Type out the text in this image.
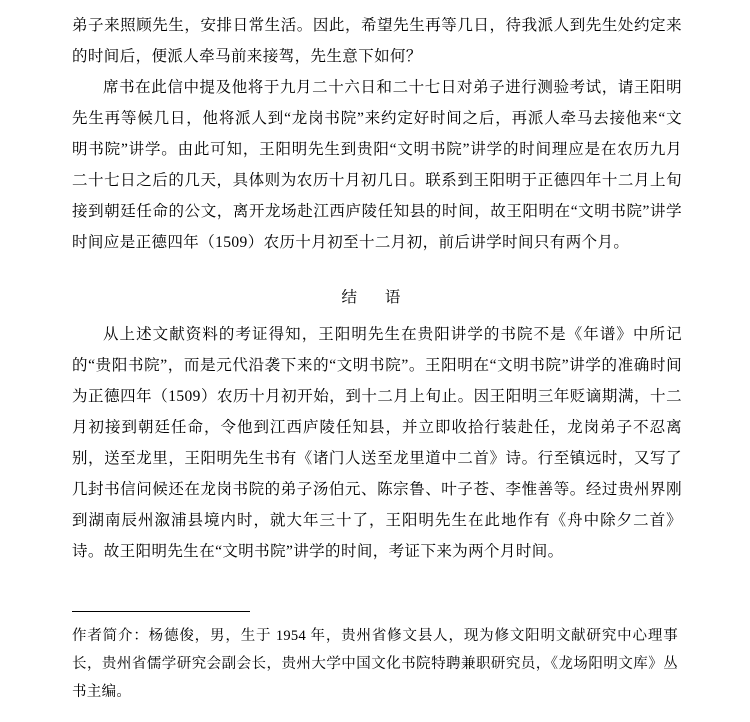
弟子来照顾先生，安排日常生活。因此，希望先生再等几日，待我派人到先生处约定来的时间后，便派人牵马前来接驾，先生意下如何？

席书在此信中提及他将于九月二十六日和二十七日对弟子进行测验考试，请王阳明先生再等候几日，他将派人到“龙岗书院”来约定好时间之后，再派人牵马去接他来“文明书院”讲学。由此可知，王阳明先生到贵阳“文明书院”讲学的时间理应是在农历九月二十七日之后的几天，具体则为农历十月初几日。联系到王阳明于正德四年十二月上旬接到朝廷任命的公文，离开龙场赴江西庐陵任知县的时间，故王阳明在“文明书院”讲学时间应是正德四年（1509）农历十月初至十二月初，前后讲学时间只有两个月。

结 语

从上述文献资料的考证得知，王阳明先生在贵阳讲学的书院不是《年谱》中所记的“贵阳书院”，而是元代沿袭下来的“文明书院”。王阳明在“文明书院”讲学的准确时间为正德四年（1509）农历十月初开始，到十二月上旬止。因王阳明三年贬谪期满，十二月初接到朝廷任命，令他到江西庐陵任知县，并立即收拾行装赴任，龙岗弟子不忍离别，送至龙里，王阳明先生书有《诸门人送至龙里道中二首》诗。行至镇远时，又写了几封书信问候还在龙岗书院的弟子汤伯元、陈宗鲁、叶子苍、李惟善等。经过贵州界刚到湖南辰州溆浦县境内时，就大年三十了，王阳明先生在此地作有《舟中除夕二首》诗。故王阳明先生在“文明书院”讲学的时间，考证下来为两个月时间。

作者简介：杨德俊，男，生于 1954 年，贵州省修文县人，现为修文阳明文献研究中心理事长，贵州省儒学研究会副会长，贵州大学中国文化书院特聘兼职研究员，《龙场阳明文库》丛书主编。
